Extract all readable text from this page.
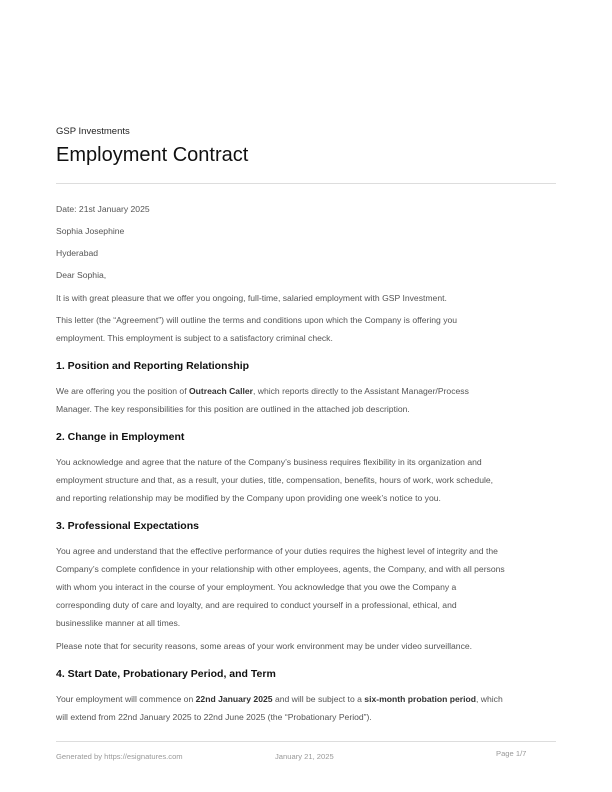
GSP Investments
Employment Contract
Date: 21st January 2025
Sophia Josephine
Hyderabad
Dear Sophia,
It is with great pleasure that we offer you ongoing, full-time, salaried employment with GSP Investment.
This letter (the “Agreement”) will outline the terms and conditions upon which the Company is offering you
employment. This employment is subject to a satisfactory criminal check.
1. Position and Reporting Relationship
We are offering you the position of Outreach Caller, which reports directly to the Assistant Manager/Process
Manager. The key responsibilities for this position are outlined in the attached job description.
2. Change in Employment
You acknowledge and agree that the nature of the Company’s business requires flexibility in its organization and
employment structure and that, as a result, your duties, title, compensation, benefits, hours of work, work schedule,
and reporting relationship may be modified by the Company upon providing one week’s notice to you.
3. Professional Expectations
You agree and understand that the effective performance of your duties requires the highest level of integrity and the
Company’s complete confidence in your relationship with other employees, agents, the Company, and with all persons
with whom you interact in the course of your employment. You acknowledge that you owe the Company a
corresponding duty of care and loyalty, and are required to conduct yourself in a professional, ethical, and
businesslike manner at all times.
Please note that for security reasons, some areas of your work environment may be under video surveillance.
4. Start Date, Probationary Period, and Term
Your employment will commence on 22nd January 2025 and will be subject to a six-month probation period, which
will extend from 22nd January 2025 to 22nd June 2025 (the “Probationary Period”).
Generated by https://esignatures.com	January 21, 2025	Page 1/7
